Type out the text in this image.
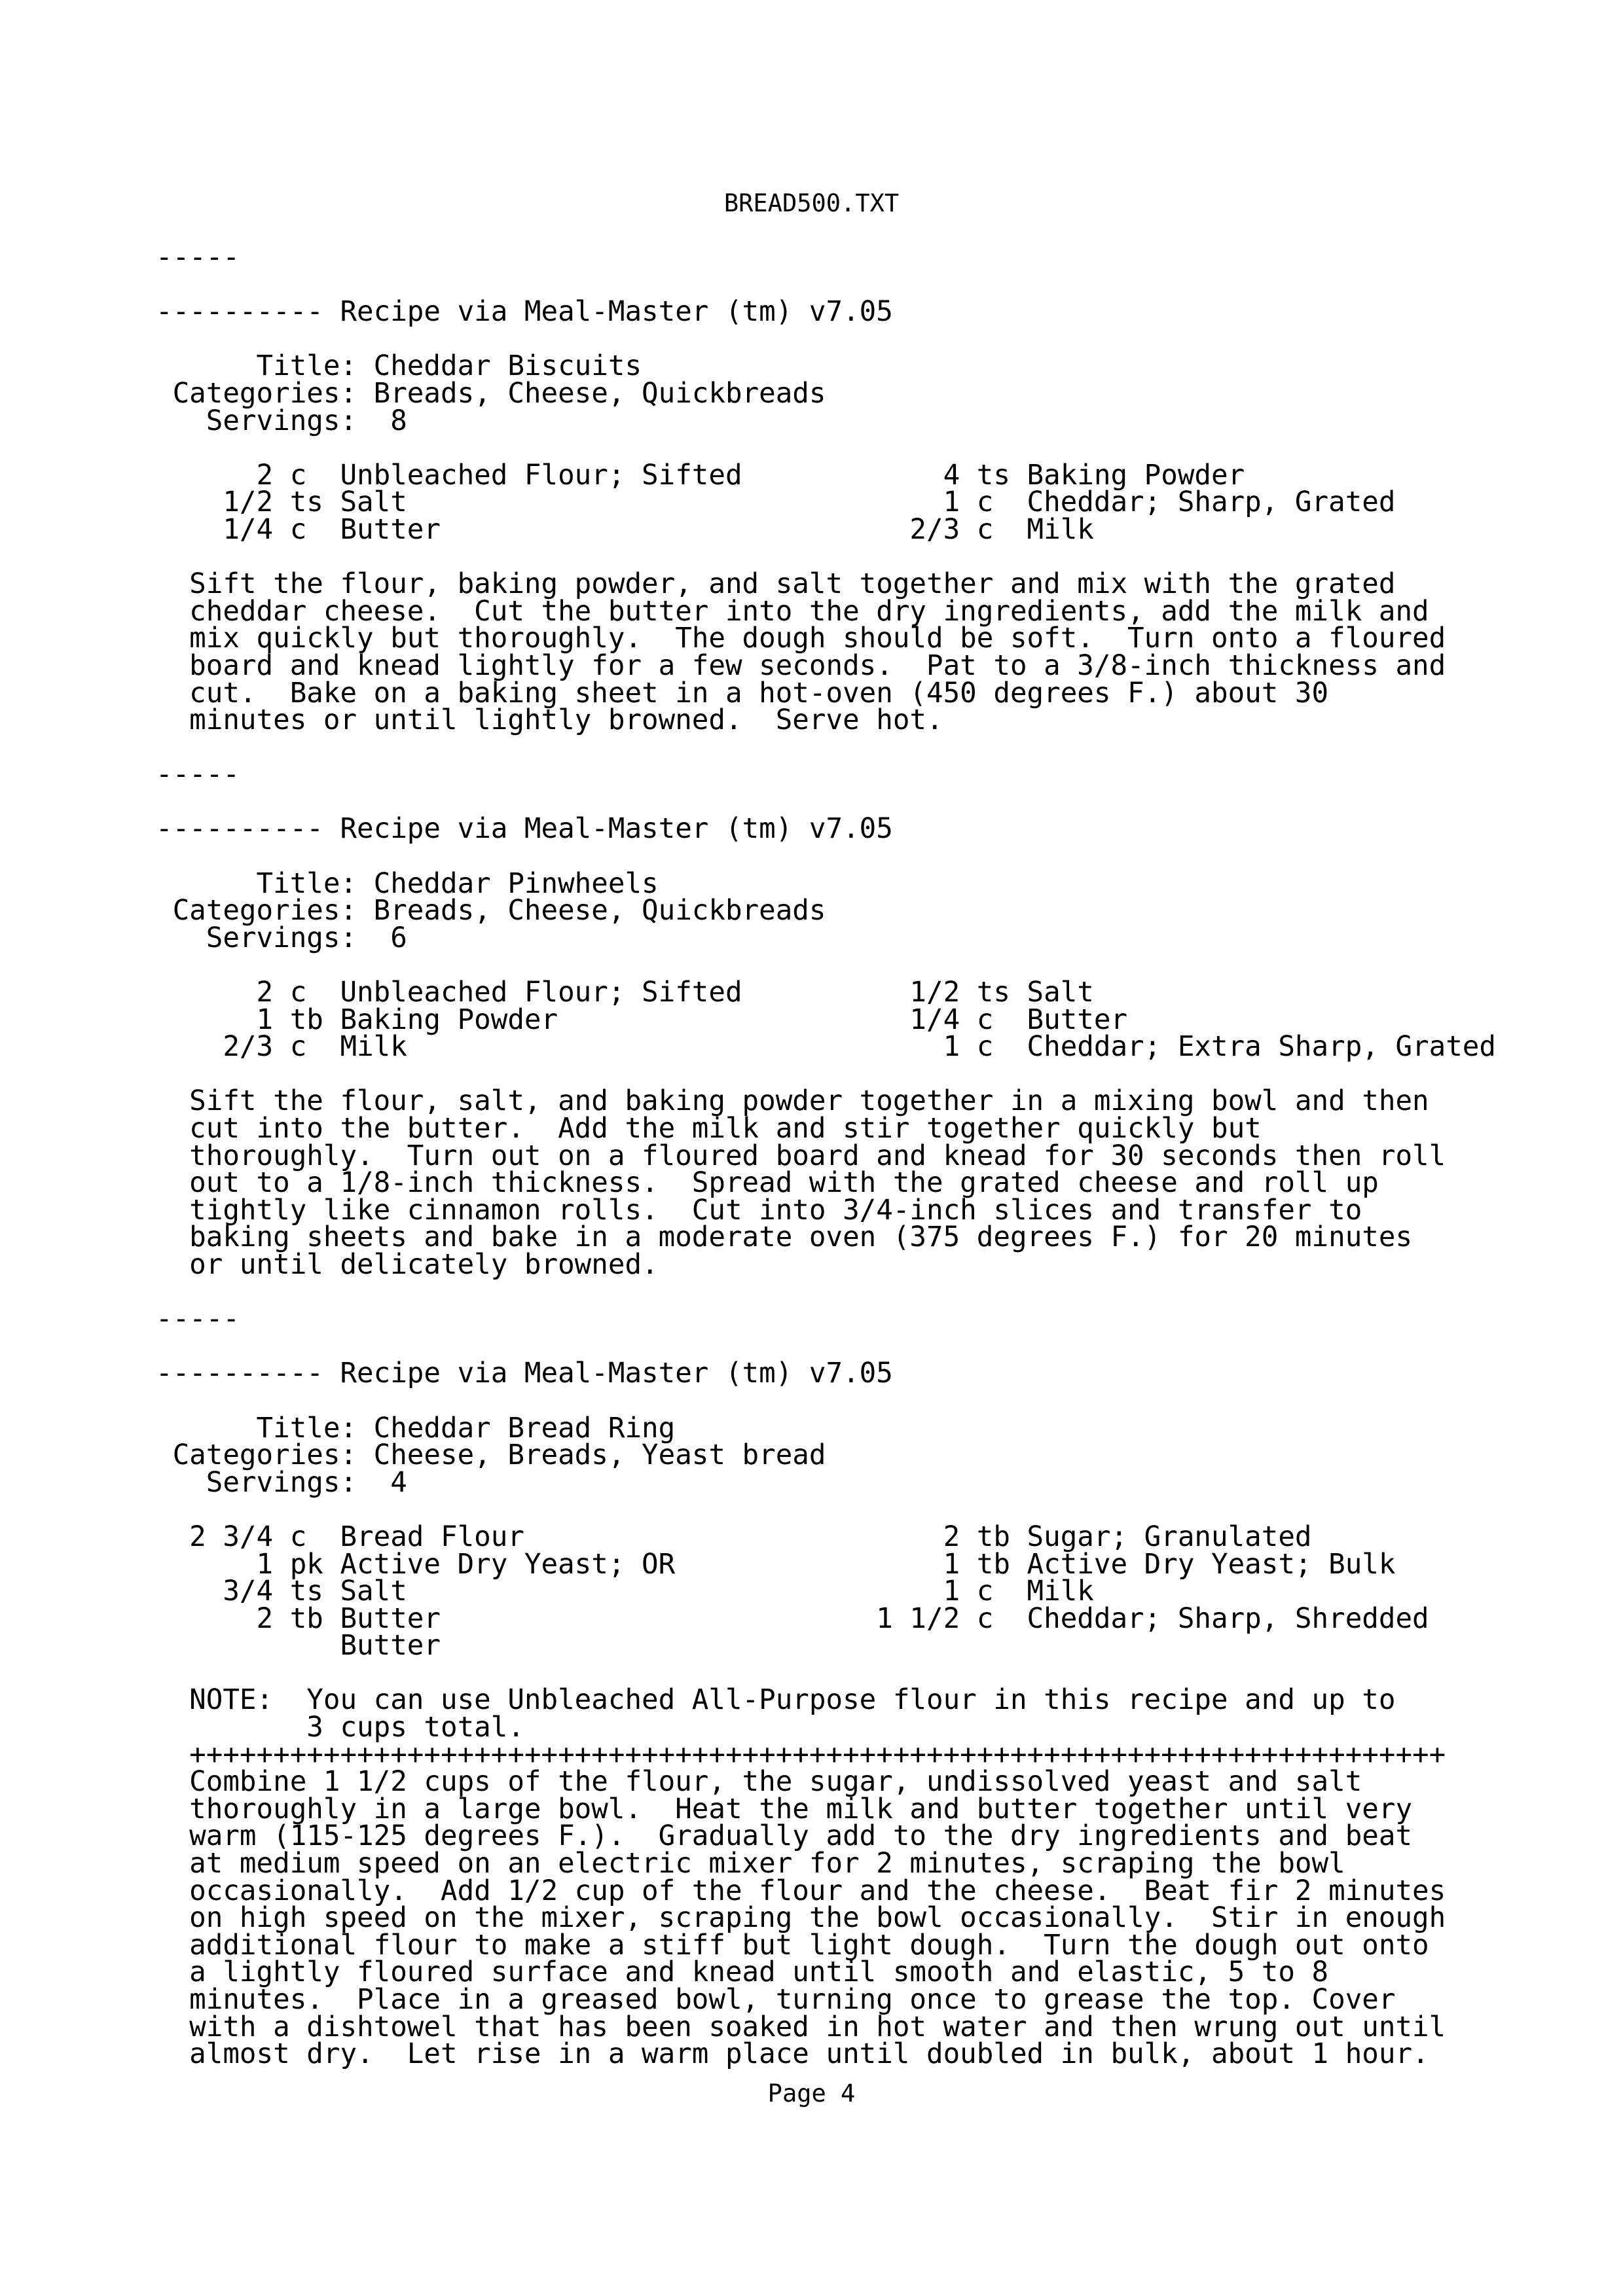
BREAD500.TXT
-----
---------- Recipe via Meal-Master (tm) v7.05
Title: Cheddar Biscuits
Categories: Breads, Cheese, Quickbreads
Servings:  8
2 c  Unbleached Flour; Sifted            4 ts Baking Powder
1/2 ts Salt                                1 c  Cheddar; Sharp, Grated
1/4 c  Butter                            2/3 c  Milk
Sift the flour, baking powder, and salt together and mix with the grated
cheddar cheese.  Cut the butter into the dry ingredients, add the milk and
mix quickly but thoroughly.  The dough should be soft.  Turn onto a floured
board and knead lightly for a few seconds.  Pat to a 3/8-inch thickness and
cut.  Bake on a baking sheet in a hot-oven (450 degrees F.) about 30
minutes or until lightly browned.  Serve hot.
-----
---------- Recipe via Meal-Master (tm) v7.05
Title: Cheddar Pinwheels
Categories: Breads, Cheese, Quickbreads
Servings:  6
2 c  Unbleached Flour; Sifted          1/2 ts Salt
1 tb Baking Powder                     1/4 c  Butter
2/3 c  Milk                                1 c  Cheddar; Extra Sharp, Grated
Sift the flour, salt, and baking powder together in a mixing bowl and then
cut into the butter.  Add the milk and stir together quickly but
thoroughly.  Turn out on a floured board and knead for 30 seconds then roll
out to a 1/8-inch thickness.  Spread with the grated cheese and roll up
tightly like cinnamon rolls.  Cut into 3/4-inch slices and transfer to
baking sheets and bake in a moderate oven (375 degrees F.) for 20 minutes
or until delicately browned.
-----
---------- Recipe via Meal-Master (tm) v7.05
Title: Cheddar Bread Ring
Categories: Cheese, Breads, Yeast bread
Servings:  4
2 3/4 c  Bread Flour                         2 tb Sugar; Granulated
1 pk Active Dry Yeast; OR                1 tb Active Dry Yeast; Bulk
3/4 ts Salt                                1 c  Milk
2 tb Butter                          1 1/2 c  Cheddar; Sharp, Shredded
Butter
NOTE:  You can use Unbleached All-Purpose flour in this recipe and up to
3 cups total.
+++++++++++++++++++++++++++++++++++++++++++++++++++++++++++++++++++++++++++
Combine 1 1/2 cups of the flour, the sugar, undissolved yeast and salt
thoroughly in a large bowl.  Heat the milk and butter together until very
warm (115-125 degrees F.).  Gradually add to the dry ingredients and beat
at medium speed on an electric mixer for 2 minutes, scraping the bowl
occasionally.  Add 1/2 cup of the flour and the cheese.  Beat fir 2 minutes
on high speed on the mixer, scraping the bowl occasionally.  Stir in enough
additional flour to make a stiff but light dough.  Turn the dough out onto
a lightly floured surface and knead until smooth and elastic, 5 to 8
minutes.  Place in a greased bowl, turning once to grease the top. Cover
with a dishtowel that has been soaked in hot water and then wrung out until
almost dry.  Let rise in a warm place until doubled in bulk, about 1 hour.
Page 4
